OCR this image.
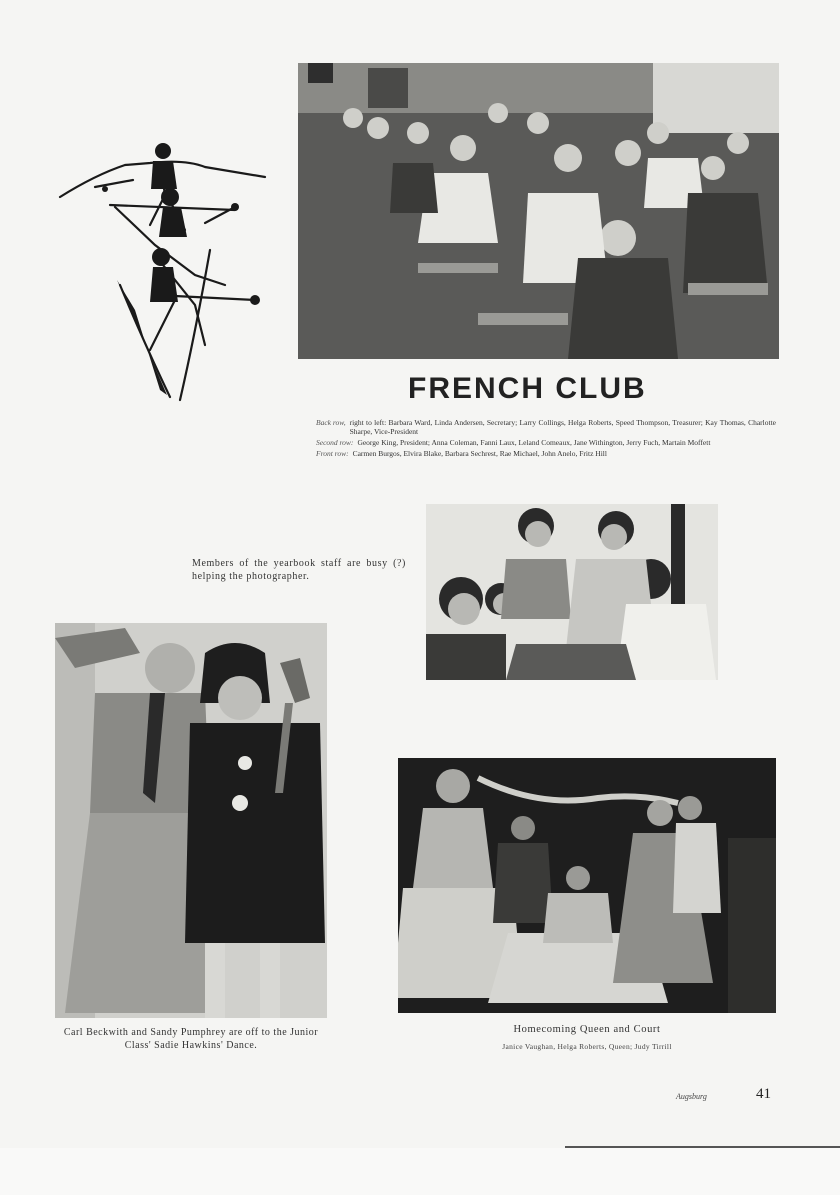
FRENCH CLUB
Back row, right to left: Barbara Ward, Linda Andersen, Secretary; Larry Collings, Helga Roberts, Speed Thompson, Treasurer; Kay Thomas, Charlotte Sharpe, Vice-President
Second row: George King, President; Anna Coleman, Fanni Laux, Leland Comeaux, Jane Withington, Jerry Fuch, Martain Moffett
Front row: Carmen Burgos, Elvira Blake, Barbara Sechrest, Rae Michael, John Anelo, Fritz Hill
Members of the yearbook staff are busy (?) helping the photographer.
Carl Beckwith and Sandy Pumphrey are off to the Junior Class' Sadie Hawkins' Dance.
Homecoming Queen and Court
Janice Vaughan, Helga Roberts, Queen; Judy Tirrill
Augsburg	41
